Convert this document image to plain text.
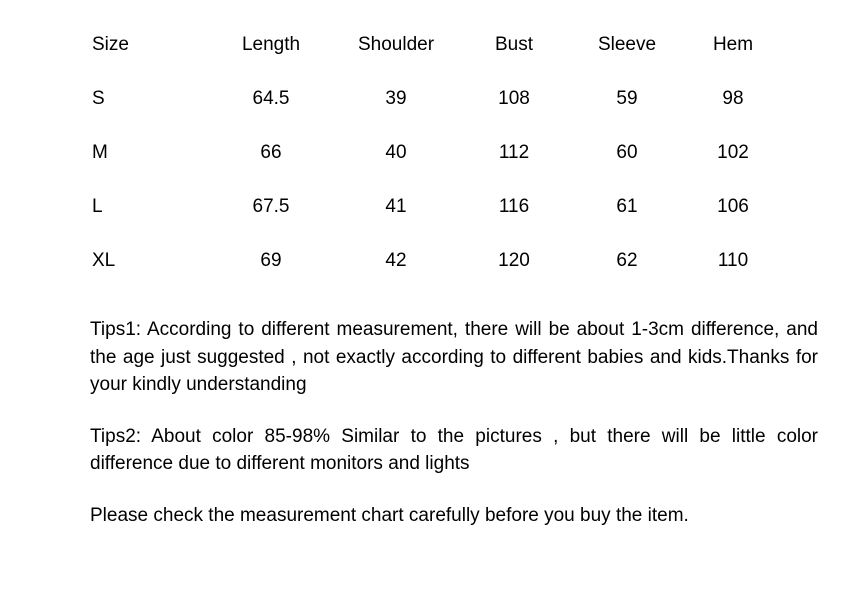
Size	Length	Shoulder	Bust	Sleeve	Hem
S	64.5	39	108	59	98
M	66	40	112	60	102
L	67.5	41	116	61	106
XL	69	42	120	62	110

Tips1: According to different measurement, there will be about 1-3cm difference, and the age just suggested , not exactly according to different babies and kids.Thanks for your kindly understanding

Tips2: About color 85-98% Similar to the pictures , but there will be little color difference due to different monitors and lights

Please check the measurement chart carefully before you buy the item.
